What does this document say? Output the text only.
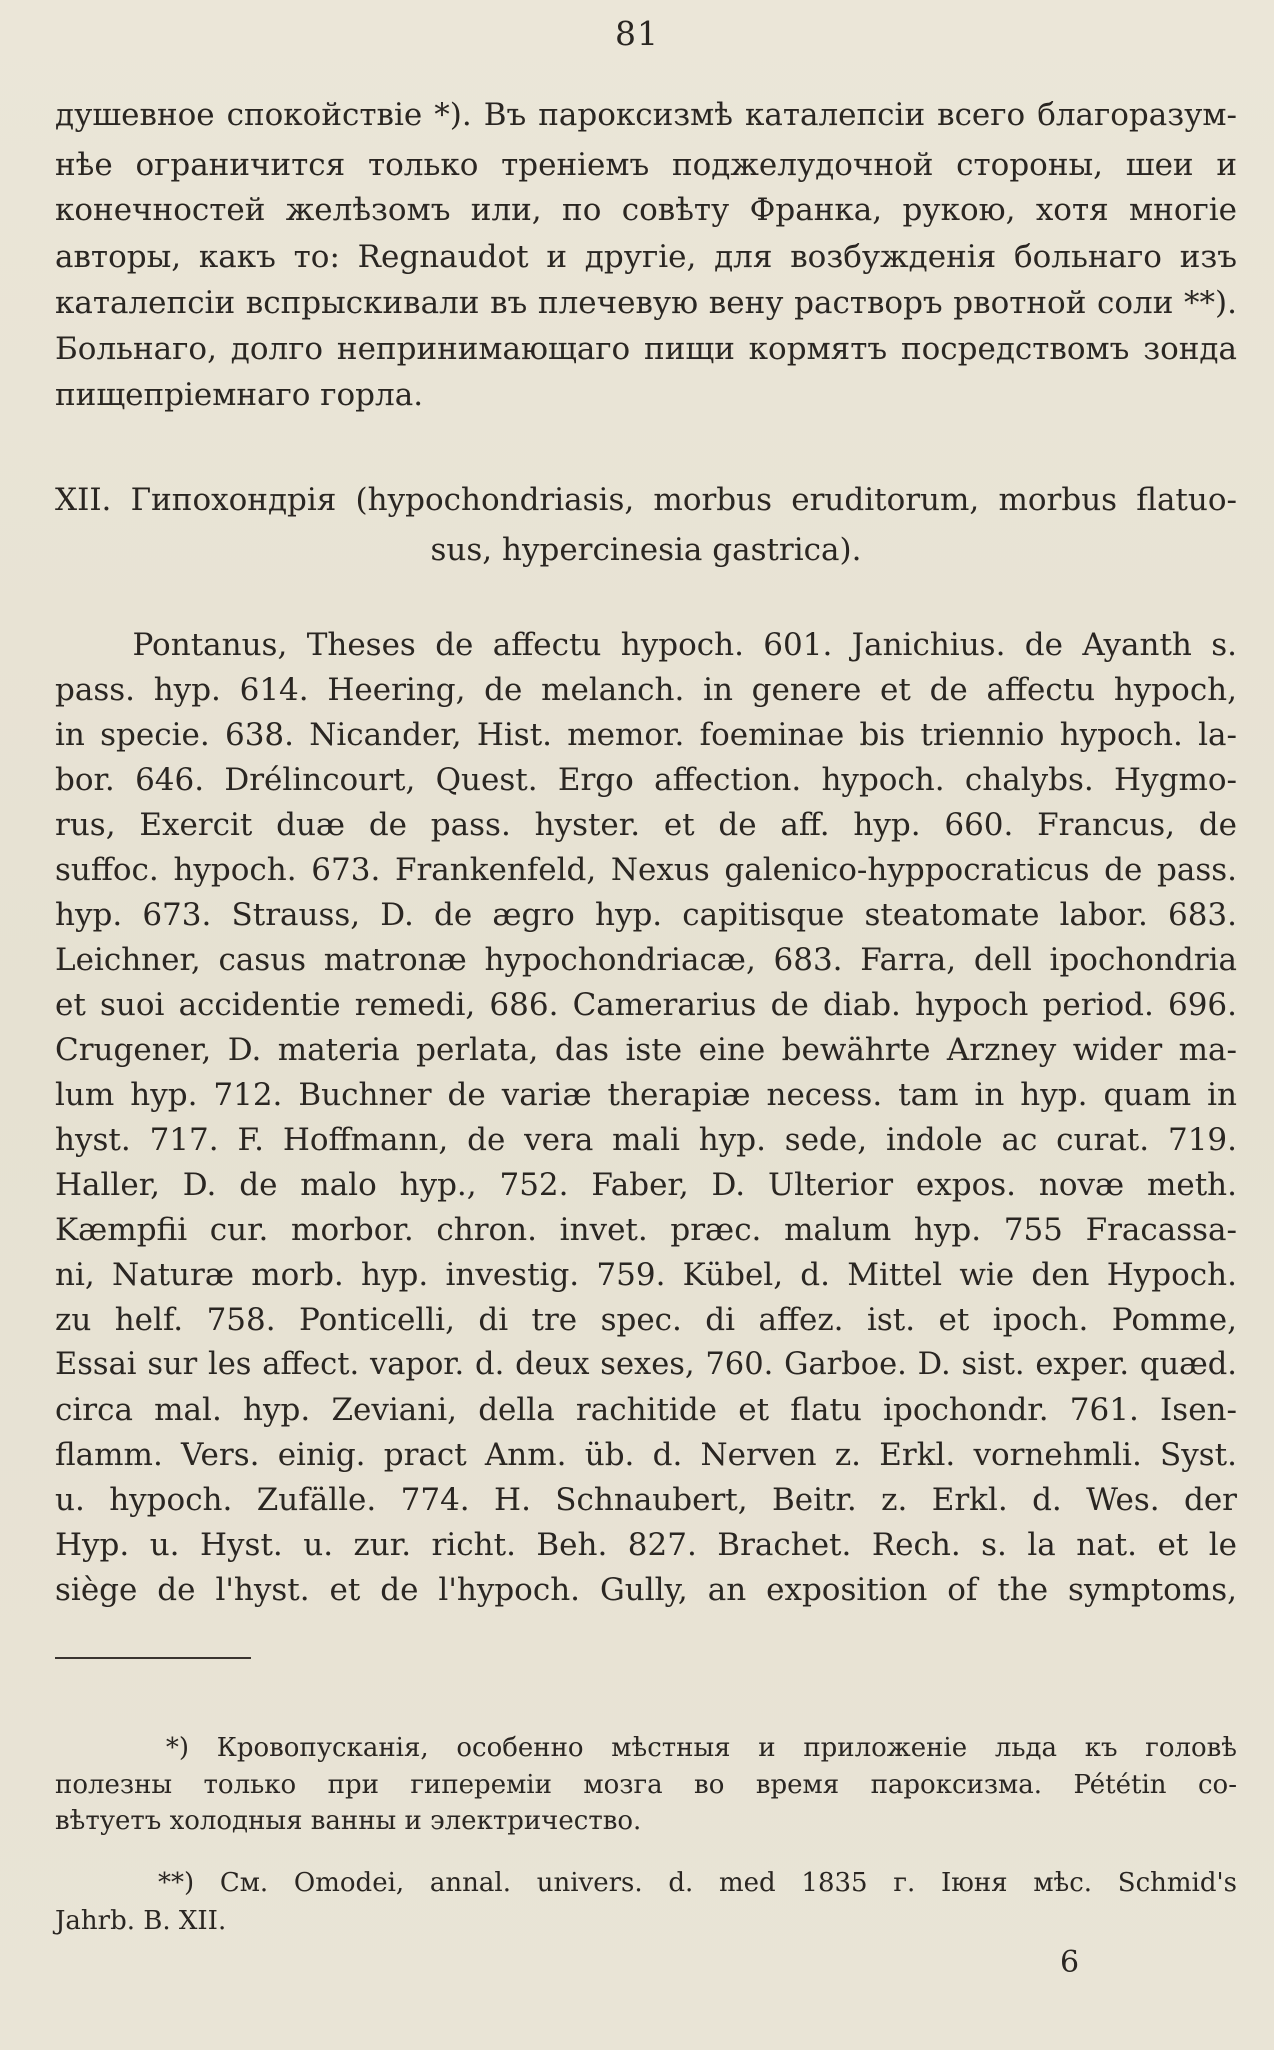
81
душевное спокойствіе *). Въ пароксизмѣ каталепсіи всего благоразум-
нѣе ограничится только треніемъ поджелудочной стороны, шеи и
конечностей желѣзомъ или, по совѣту Франка, рукою, хотя многіе
авторы, какъ то: Regnaudot и другіе, для возбужденія больнаго изъ
каталепсіи вспрыскивали въ плечевую вену растворъ рвотной соли **).
Больнаго, долго непринимающаго пищи кормятъ посредствомъ зонда
пищепріемнаго горла.
XII. Гипохондрія (hypochondriasis, morbus eruditorum, morbus flatuo-
sus, hypercinesia gastrica).
Pontanus, Theses de affectu hypoch. 601. Janichius. de Ayanth s.
pass. hyp. 614. Heering, de melanch. in genere et de affectu hypoch,
in specie. 638. Nicander, Hist. memor. foeminae bis triennio hypoch. la-
bor. 646. Drélincourt, Quest. Ergo affection. hypoch. chalybs. Hygmo-
rus, Exercit duæ de pass. hyster. et de aff. hyp. 660. Francus, de
suffoc. hypoch. 673. Frankenfeld, Nexus galenico-hyppocraticus de pass.
hyp. 673. Strauss, D. de ægro hyp. capitisque steatomate labor. 683.
Leichner, casus matronæ hypochondriacæ, 683. Farra, dell ipochondria
et suoi accidentie remedi, 686. Camerarius de diab. hypoch period. 696.
Crugener, D. materia perlata, das iste eine bewährte Arzney wider ma-
lum hyp. 712. Buchner de variæ therapiæ necess. tam in hyp. quam in
hyst. 717. F. Hoffmann, de vera mali hyp. sede, indole ac curat. 719.
Haller, D. de malo hyp., 752. Faber, D. Ulterior expos. novæ meth.
Kæmpfii cur. morbor. chron. invet. præc. malum hyp. 755 Fracassa-
ni, Naturæ morb. hyp. investig. 759. Kübel, d. Mittel wie den Hypoch.
zu helf. 758. Ponticelli, di tre spec. di affez. ist. et ipoch. Pomme,
Essai sur les affect. vapor. d. deux sexes, 760. Garboe. D. sist. exper. quæd.
circa mal. hyp. Zeviani, della rachitide et flatu ipochondr. 761. Isen-
flamm. Vers. einig. pract Anm. üb. d. Nerven z. Erkl. vornehmli. Syst.
u. hypoch. Zufälle. 774. H. Schnaubert, Beitr. z. Erkl. d. Wes. der
Hyp. u. Hyst. u. zur. richt. Beh. 827. Brachet. Rech. s. la nat. et le
siège de l'hyst. et de l'hypoch. Gully, an exposition of the symptoms,
*) Кровопусканія, особенно мѣстныя и приложеніе льда къ головѣ
полезны только при гипереміи мозга во время пароксизма. Pététin со-
вѣтуетъ холодныя ванны и электричество.
**) См. Omodei, annal. univers. d. med 1835 г. Іюня мѣс. Schmid's
Jahrb. B. XII.
6
